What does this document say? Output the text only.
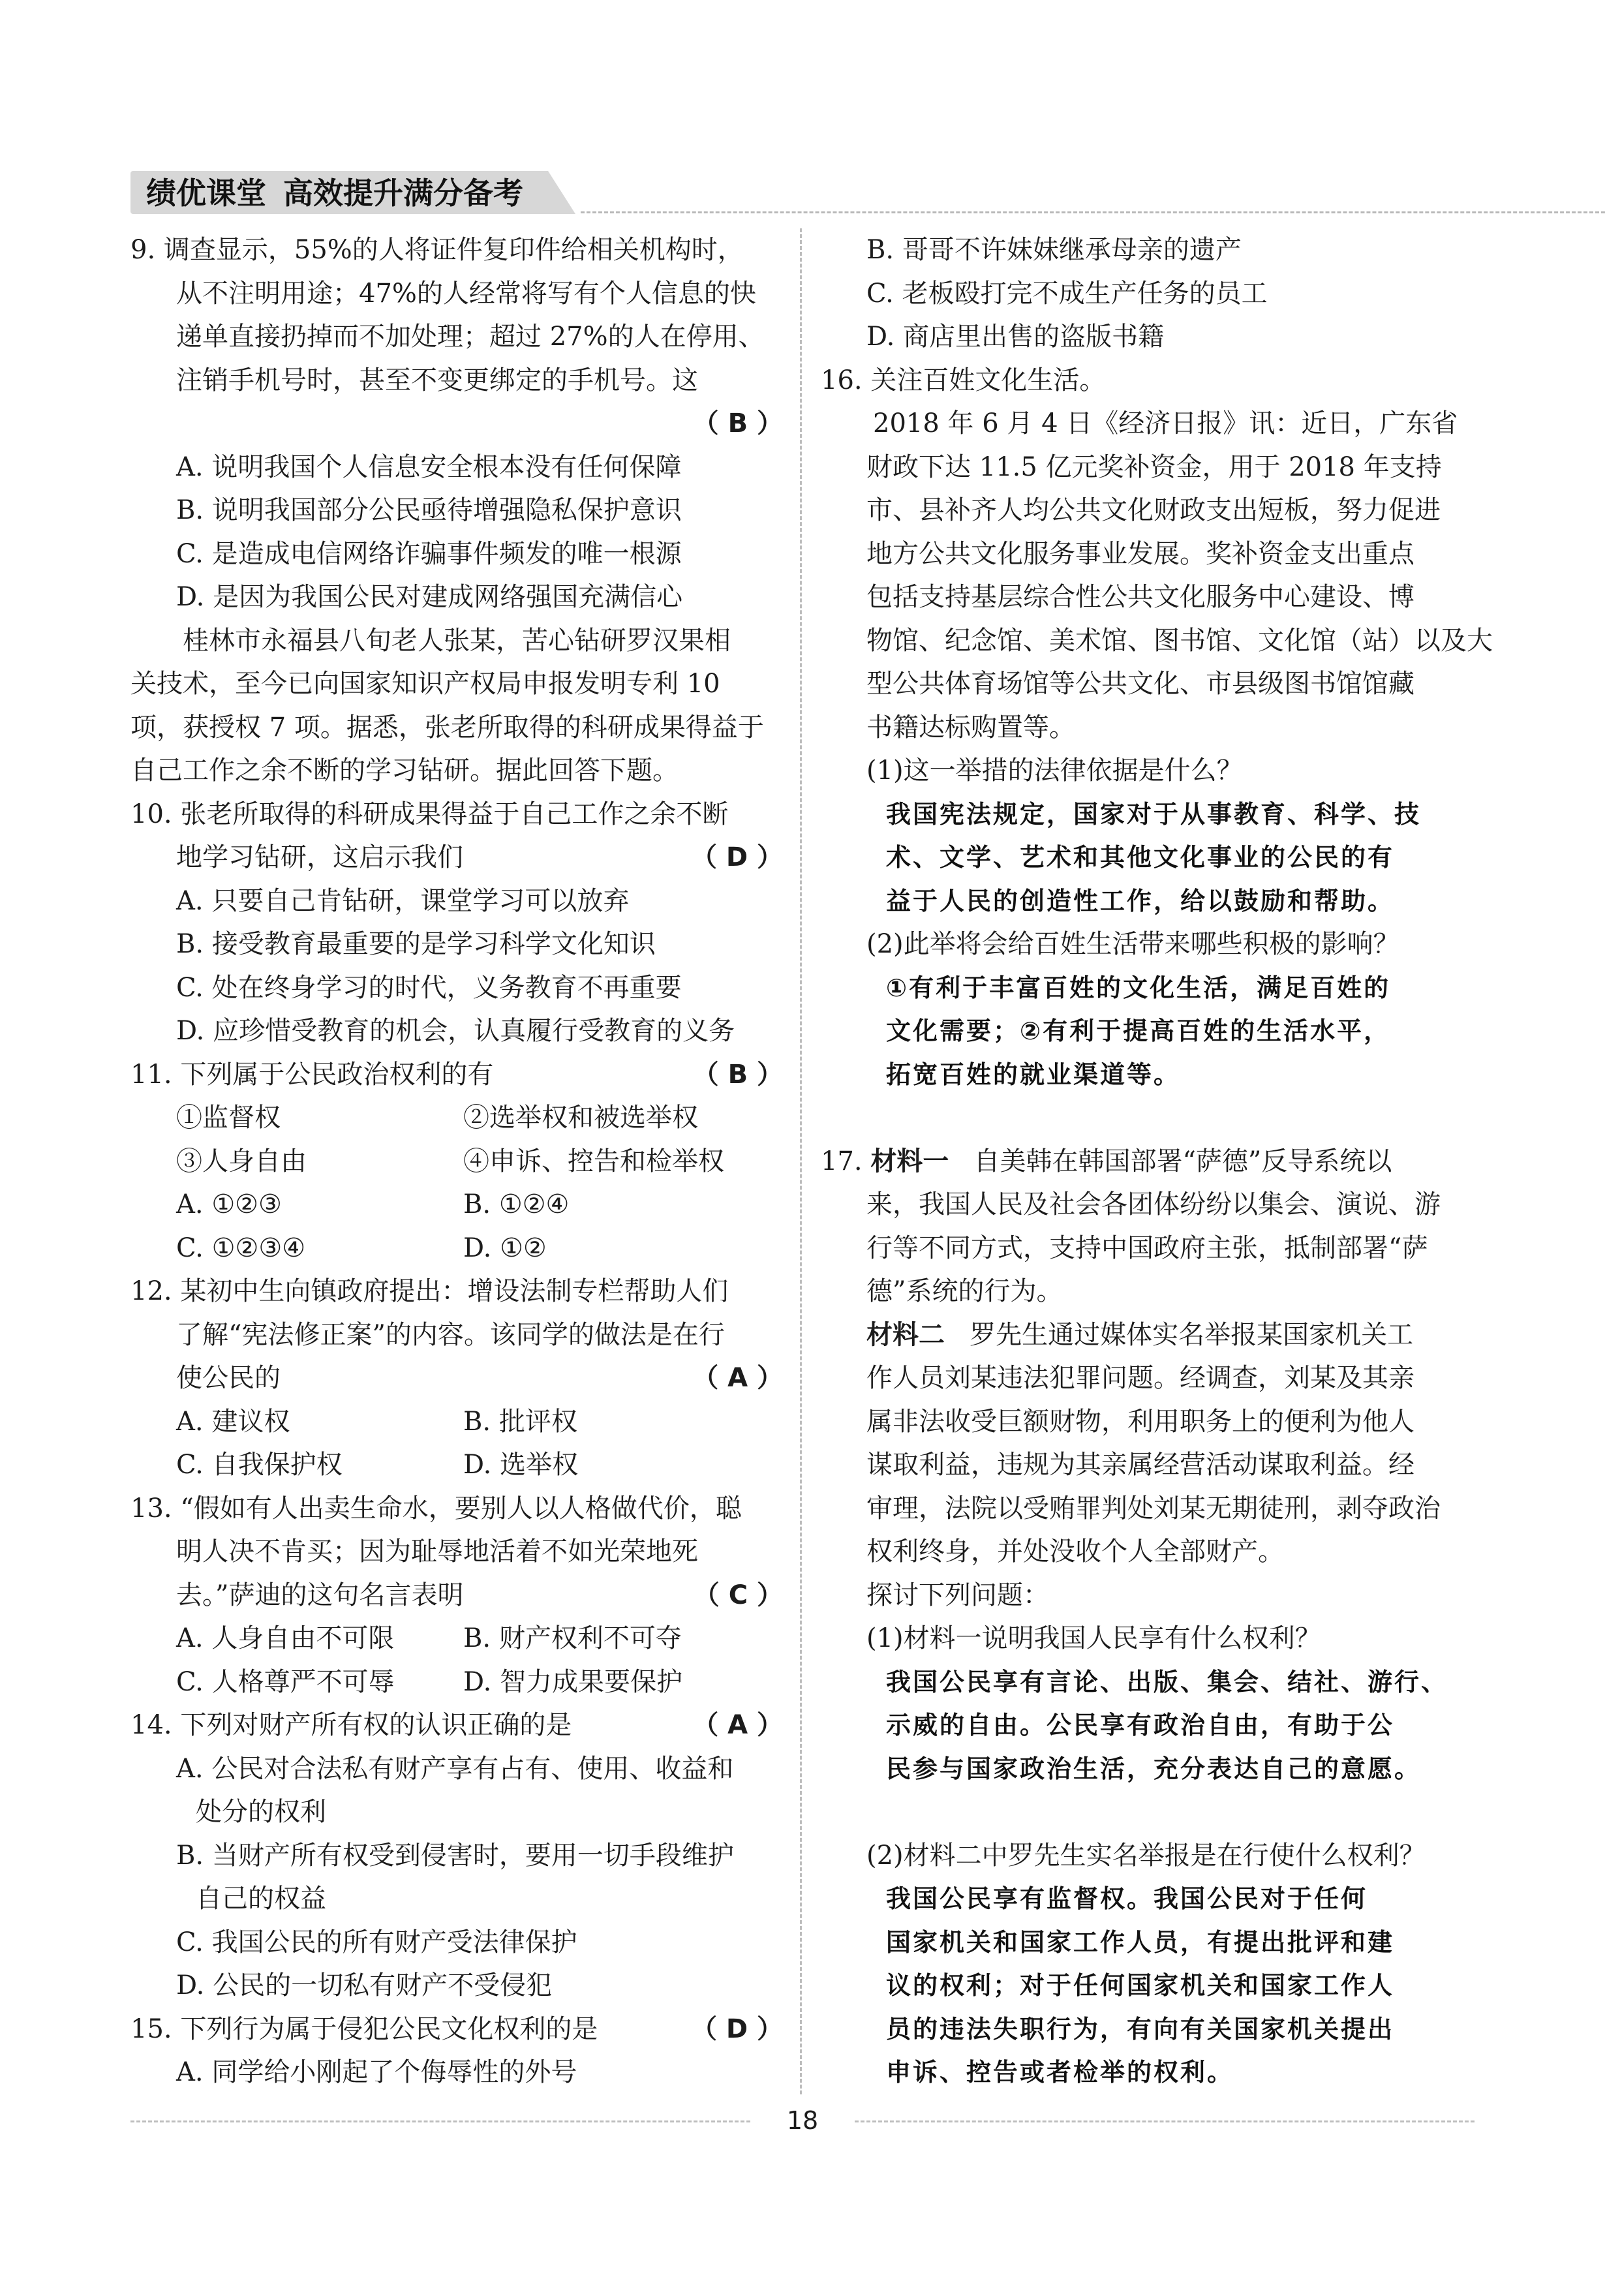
绩优课堂 高效提升满分备考
9. 调查显示，55%的人将证件复印件给相关机构时，
从不注明用途；47%的人经常将写有个人信息的快
递单直接扔掉而不加处理；超过 27%的人在停用、
注销手机号时，甚至不变更绑定的手机号。这
（ B ）
A. 说明我国个人信息安全根本没有任何保障
B. 说明我国部分公民亟待增强隐私保护意识
C. 是造成电信网络诈骗事件频发的唯一根源
D. 是因为我国公民对建成网络强国充满信心
桂林市永福县八旬老人张某，苦心钻研罗汉果相
关技术，至今已向国家知识产权局申报发明专利 10
项，获授权 7 项。据悉，张老所取得的科研成果得益于
自己工作之余不断的学习钻研。据此回答下题。
10. 张老所取得的科研成果得益于自己工作之余不断
地学习钻研，这启示我们	（ D ）
A. 只要自己肯钻研，课堂学习可以放弃
B. 接受教育最重要的是学习科学文化知识
C. 处在终身学习的时代，义务教育不再重要
D. 应珍惜受教育的机会，认真履行受教育的义务
11. 下列属于公民政治权利的有	（ B ）
①监督权	②选举权和被选举权
③人身自由	④申诉、控告和检举权
A. ①②③	B. ①②④
C. ①②③④	D. ①②
12. 某初中生向镇政府提出：增设法制专栏帮助人们
了解“宪法修正案”的内容。该同学的做法是在行
使公民的	（ A ）
A. 建议权	B. 批评权
C. 自我保护权	D. 选举权
13. “假如有人出卖生命水，要别人以人格做代价，聪
明人决不肯买；因为耻辱地活着不如光荣地死
去。”萨迪的这句名言表明	（ C ）
A. 人身自由不可限	B. 财产权利不可夺
C. 人格尊严不可辱	D. 智力成果要保护
14. 下列对财产所有权的认识正确的是	（ A ）
A. 公民对合法私有财产享有占有、使用、收益和
处分的权利
B. 当财产所有权受到侵害时，要用一切手段维护
自己的权益
C. 我国公民的所有财产受法律保护
D. 公民的一切私有财产不受侵犯
15. 下列行为属于侵犯公民文化权利的是	（ D ）
A. 同学给小刚起了个侮辱性的外号
B. 哥哥不许妹妹继承母亲的遗产
C. 老板殴打完不成生产任务的员工
D. 商店里出售的盗版书籍
16. 关注百姓文化生活。
2018 年 6 月 4 日《经济日报》讯：近日，广东省
财政下达 11.5 亿元奖补资金，用于 2018 年支持
市、县补齐人均公共文化财政支出短板，努力促进
地方公共文化服务事业发展。奖补资金支出重点
包括支持基层综合性公共文化服务中心建设、博
物馆、纪念馆、美术馆、图书馆、文化馆（站）以及大
型公共体育场馆等公共文化、市县级图书馆馆藏
书籍达标购置等。
(1)这一举措的法律依据是什么？
我国宪法规定，国家对于从事教育、科学、技
术、文学、艺术和其他文化事业的公民的有
益于人民的创造性工作，给以鼓励和帮助。
(2)此举将会给百姓生活带来哪些积极的影响？
①有利于丰富百姓的文化生活，满足百姓的
文化需要；②有利于提高百姓的生活水平，
拓宽百姓的就业渠道等。
17. 材料一 自美韩在韩国部署“萨德”反导系统以
来，我国人民及社会各团体纷纷以集会、演说、游
行等不同方式，支持中国政府主张，抵制部署“萨
德”系统的行为。
材料二 罗先生通过媒体实名举报某国家机关工
作人员刘某违法犯罪问题。经调查，刘某及其亲
属非法收受巨额财物，利用职务上的便利为他人
谋取利益，违规为其亲属经营活动谋取利益。经
审理，法院以受贿罪判处刘某无期徒刑，剥夺政治
权利终身，并处没收个人全部财产。
探讨下列问题：
(1)材料一说明我国人民享有什么权利？
我国公民享有言论、出版、集会、结社、游行、
示威的自由。公民享有政治自由，有助于公
民参与国家政治生活，充分表达自己的意愿。
(2)材料二中罗先生实名举报是在行使什么权利？
我国公民享有监督权。我国公民对于任何
国家机关和国家工作人员，有提出批评和建
议的权利；对于任何国家机关和国家工作人
员的违法失职行为，有向有关国家机关提出
申诉、控告或者检举的权利。
18
